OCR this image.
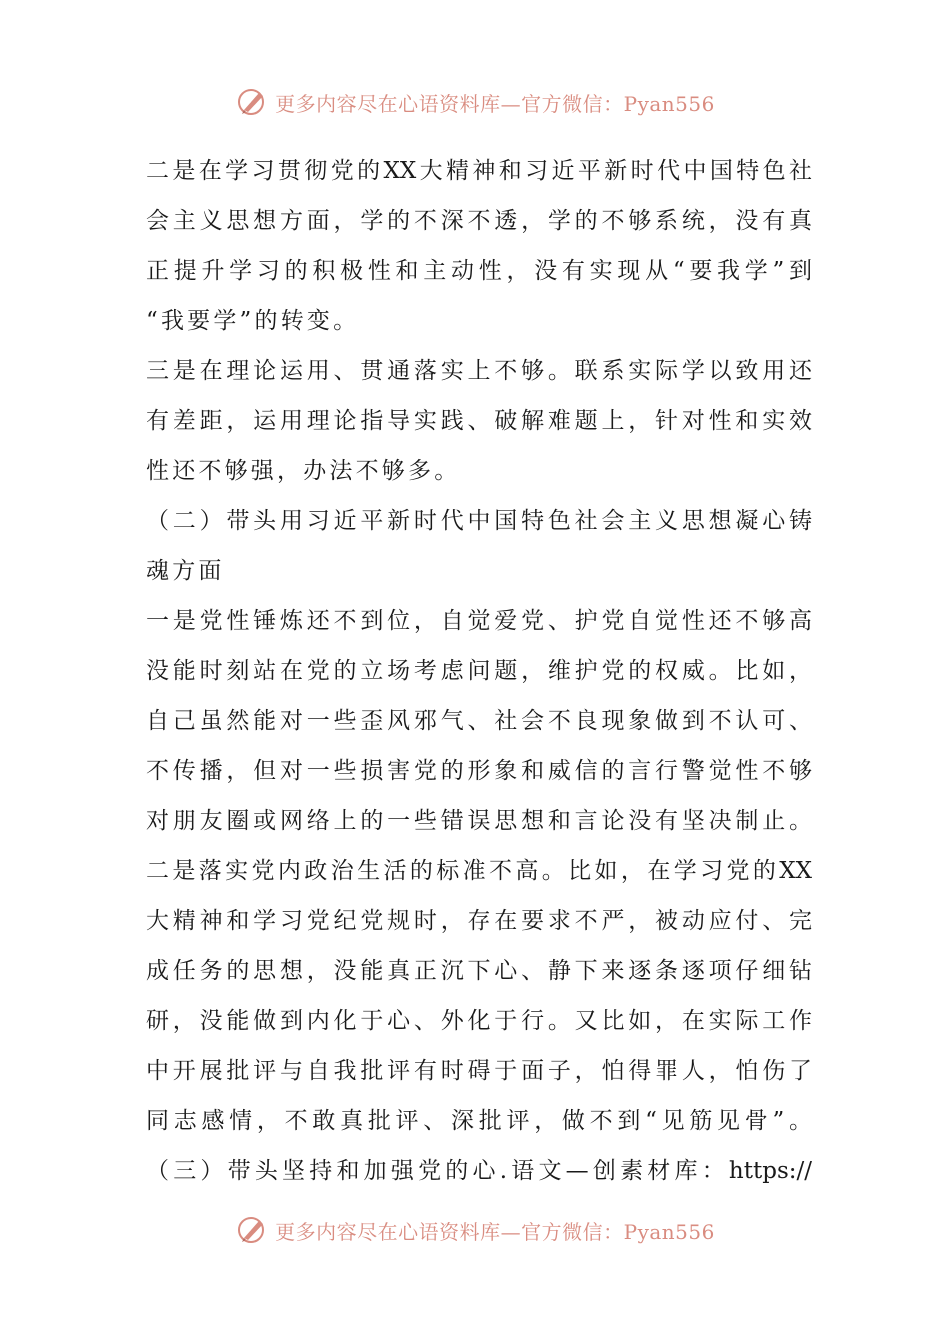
更多内容尽在心语资料库—官方微信：Pyan556
二是在学习贯彻党的XX大精神和习近平新时代中国特色社
会主义思想方面，学的不深不透，学的不够系统，没有真
正提升学习的积极性和主动性，没有实现从“要我学”到
“我要学”的转变。
三是在理论运用、贯通落实上不够。联系实际学以致用还
有差距，运用理论指导实践、破解难题上，针对性和实效
性还不够强，办法不够多。
（二）带头用习近平新时代中国特色社会主义思想凝心铸
魂方面
一是党性锤炼还不到位，自觉爱党、护党自觉性还不够高
没能时刻站在党的立场考虑问题，维护党的权威。比如，
自己虽然能对一些歪风邪气、社会不良现象做到不认可、
不传播，但对一些损害党的形象和威信的言行警觉性不够
对朋友圈或网络上的一些错误思想和言论没有坚决制止。
二是落实党内政治生活的标准不高。比如，在学习党的XX
大精神和学习党纪党规时，存在要求不严，被动应付、完
成任务的思想，没能真正沉下心、静下来逐条逐项仔细钻
研，没能做到内化于心、外化于行。又比如，在实际工作
中开展批评与自我批评有时碍于面子，怕得罪人，怕伤了
同志感情，不敢真批评、深批评，做不到“见筋见骨”。
（三）带头坚持和加强党的心.语文—创素材库：https://
更多内容尽在心语资料库—官方微信：Pyan556
